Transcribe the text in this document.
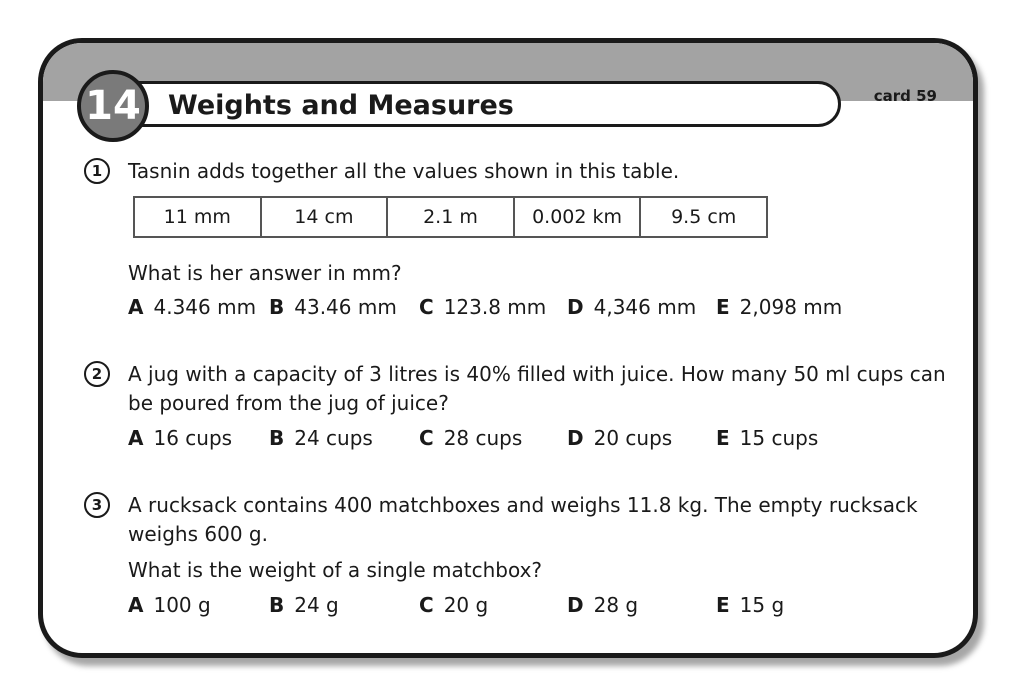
Weights and Measures
14	card 59
1	Tasnin adds together all the values shown in this table.
11 mm	14 cm	2.1 m	0.002 km	9.5 cm
What is her answer in mm?
A 4.346 mm B 43.46 mm C 123.8 mm D 4,346 mm E 2,098 mm
2	A jug with a capacity of 3 litres is 40% filled with juice. How many 50 ml cups can
be poured from the jug of juice?
A 16 cups B 24 cups C 28 cups D 20 cups E 15 cups
3	A rucksack contains 400 matchboxes and weighs 11.8 kg. The empty rucksack
weighs 600 g.
What is the weight of a single matchbox?
A 100 g	B 24 g	C 20 g	D 28 g	E 15 g
